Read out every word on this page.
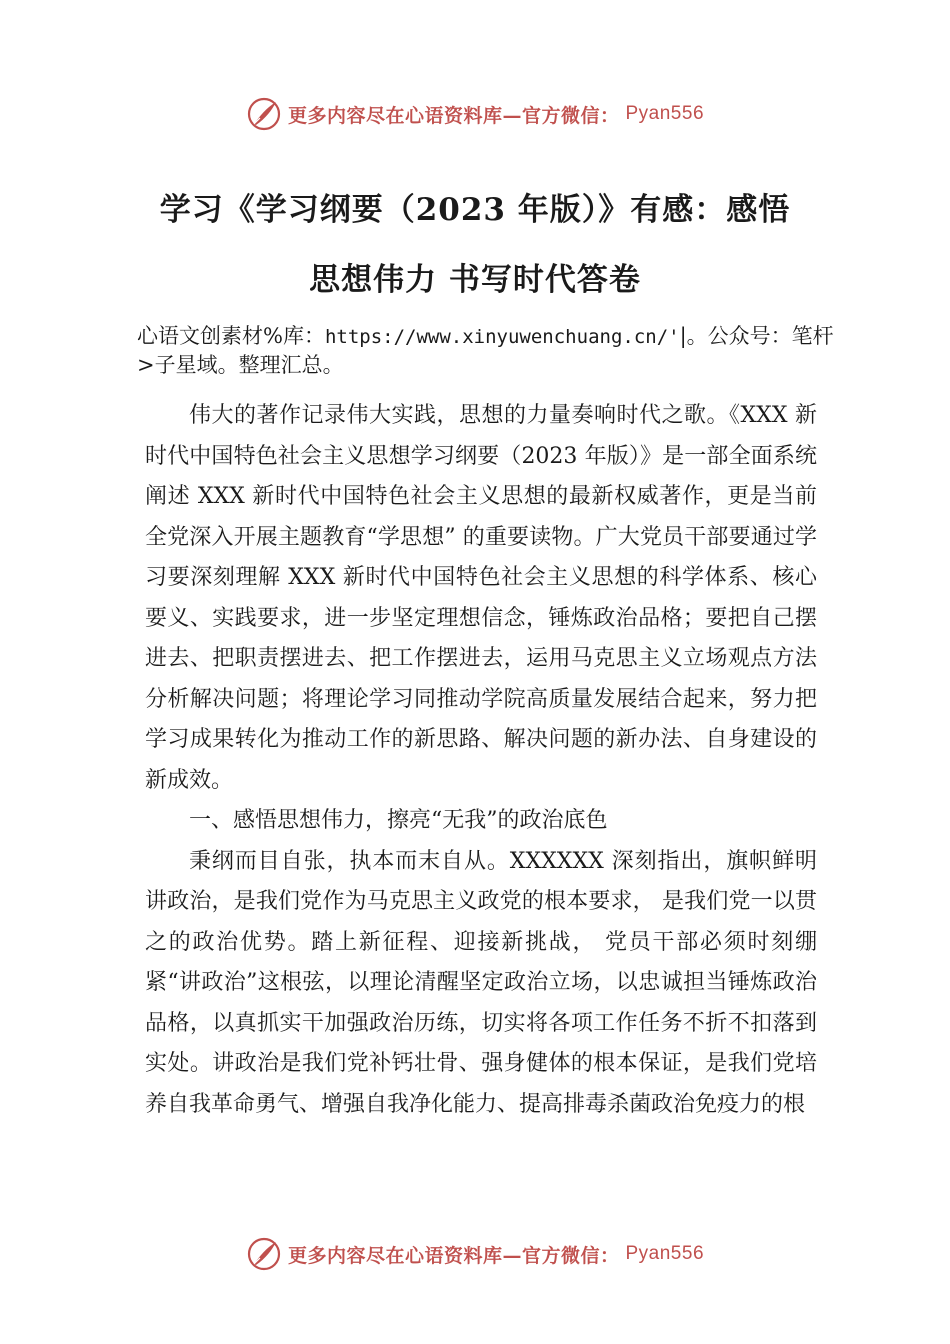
更多内容尽在心语资料库—官方微信： Pyan556
学习《学习纲要（2023 年版）》有感：感悟
思想伟力 书写时代答卷

心语文创素材%库：https://www.xinyuwenchuang.cn/'|。公众号：笔杆>子星域。整理汇总。

伟大的著作记录伟大实践，思想的力量奏响时代之歌。《XXX 新时代中国特色社会主义思想学习纲要（2023 年版）》是一部全面系统阐述 XXX 新时代中国特色社会主义思想的最新权威著作，更是当前全党深入开展主题教育“学思想” 的重要读物。广大党员干部要通过学习要深刻理解 XXX 新时代中国特色社会主义思想的科学体系、核心要义、实践要求，进一步坚定理想信念，锤炼政治品格；要把自己摆进去、把职责摆进去、把工作摆进去，运用马克思主义立场观点方法分析解决问题；将理论学习同推动学院高质量发展结合起来，努力把学习成果转化为推动工作的新思路、解决问题的新办法、自身建设的新成效。

一、感悟思想伟力，擦亮“无我”的政治底色

秉纲而目自张，执本而末自从。XXXXXX 深刻指出，旗帜鲜明讲政治，是我们党作为马克思主义政党的根本要求， 是我们党一以贯之的政治优势。踏上新征程、迎接新挑战， 党员干部必须时刻绷紧“讲政治”这根弦，以理论清醒坚定政治立场，以忠诚担当锤炼政治品格，以真抓实干加强政治历练，切实将各项工作任务不折不扣落到实处。讲政治是我们党补钙壮骨、强身健体的根本保证，是我们党培养自我革命勇气、增强自我净化能力、提高排毒杀菌政治免疫力的根

更多内容尽在心语资料库—官方微信： Pyan556
